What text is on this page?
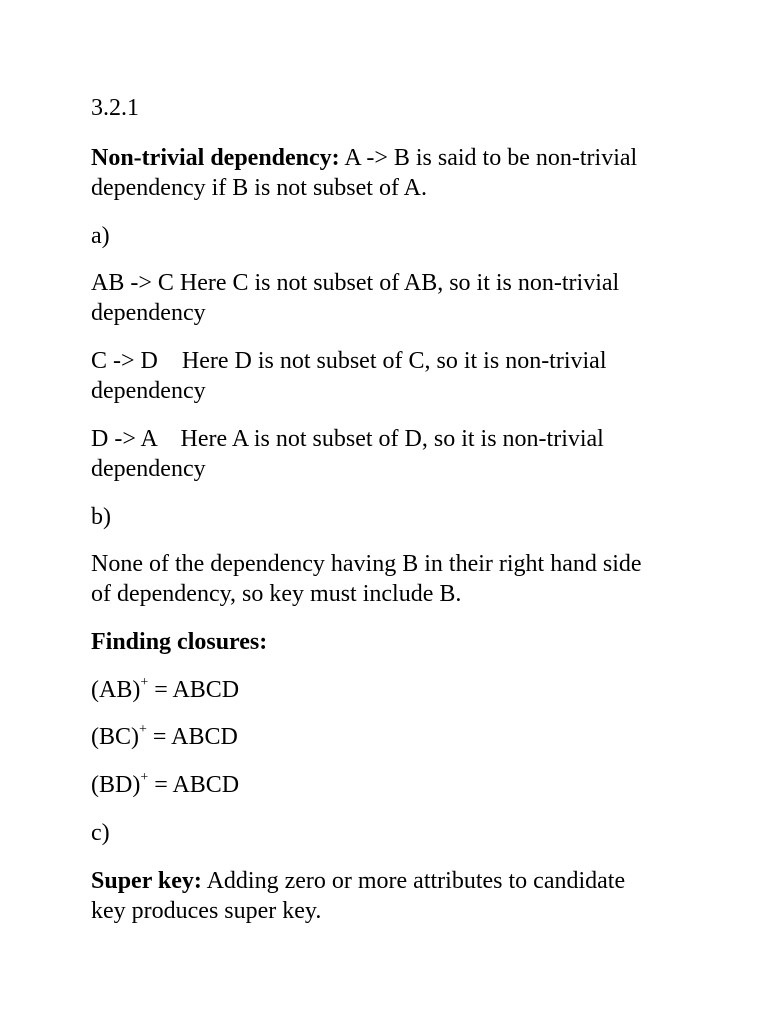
3.2.1
Non-trivial dependency: A -> B is said to be non-trivial
dependency if B is not subset of A.
a)
AB -> C Here C is not subset of AB, so it is non-trivial
dependency
C -> D    Here D is not subset of C, so it is non-trivial
dependency
D -> A    Here A is not subset of D, so it is non-trivial
dependency
b)
None of the dependency having B in their right hand side
of dependency, so key must include B.
Finding closures:
(AB)+ = ABCD
(BC)+ = ABCD
(BD)+ = ABCD
c)
Super key: Adding zero or more attributes to candidate
key produces super key.
